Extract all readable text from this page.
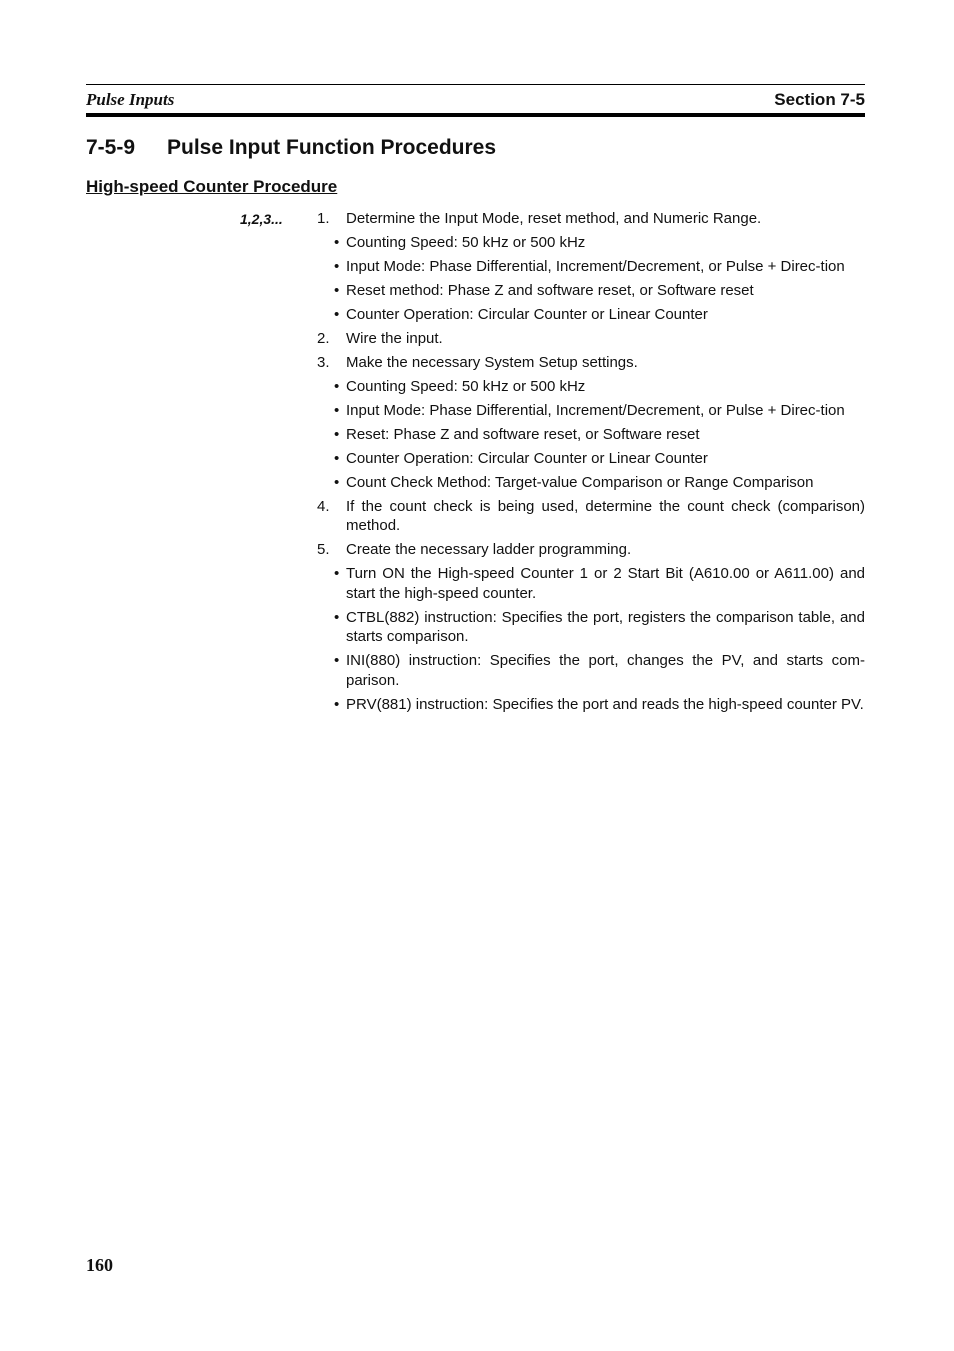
Pulse Inputs	Section 7-5
7-5-9 Pulse Input Function Procedures
High-speed Counter Procedure
1,2,3... 1. Determine the Input Mode, reset method, and Numeric Range.
• Counting Speed: 50 kHz or 500 kHz
• Input Mode: Phase Differential, Increment/Decrement, or Pulse + Direc-tion
• Reset method: Phase Z and software reset, or Software reset
• Counter Operation: Circular Counter or Linear Counter
2. Wire the input.
3. Make the necessary System Setup settings.
• Counting Speed: 50 kHz or 500 kHz
• Input Mode: Phase Differential, Increment/Decrement, or Pulse + Direc-tion
• Reset: Phase Z and software reset, or Software reset
• Counter Operation: Circular Counter or Linear Counter
• Count Check Method: Target-value Comparison or Range Comparison
4. If the count check is being used, determine the count check (comparison) method.
5. Create the necessary ladder programming.
• Turn ON the High-speed Counter 1 or 2 Start Bit (A610.00 or A611.00) and start the high-speed counter.
• CTBL(882) instruction: Specifies the port, registers the comparison table, and starts comparison.
• INI(880) instruction: Specifies the port, changes the PV, and starts com-parison.
• PRV(881) instruction: Specifies the port and reads the high-speed counter PV.
160
